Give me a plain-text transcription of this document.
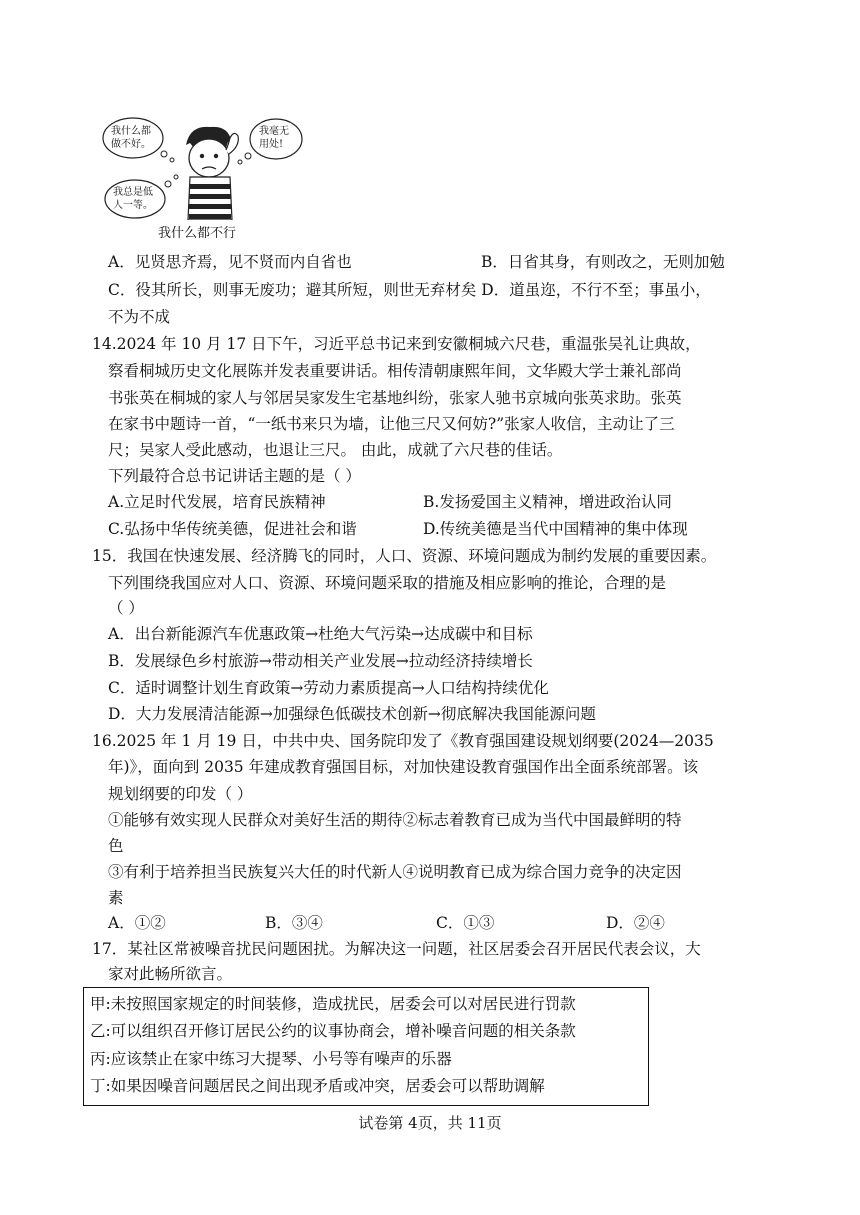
我什么都
做不好。
我毫无
用处!
我总是低
人一等。
我什么都不行
A．见贤思齐焉，见不贤而内自省也	B．日省其身，有则改之，无则加勉
C．役其所长，则事无废功；避其所短，则世无弃材矣 D．道虽迩，不行不至；事虽小，
不为不成
14.2024 年 10 月 17 日下午，习近平总书记来到安徽桐城六尺巷，重温张吴礼让典故，
察看桐城历史文化展陈并发表重要讲话。相传清朝康熙年间，文华殿大学士兼礼部尚
书张英在桐城的家人与邻居吴家发生宅基地纠纷，张家人驰书京城向张英求助。张英
在家书中题诗一首，“一纸书来只为墙，让他三尺又何妨?”张家人收信，主动让了三
尺；吴家人受此感动，也退让三尺。 由此，成就了六尺巷的佳话。
下列最符合总书记讲话主题的是（ ）
A.立足时代发展，培育民族精神	B.发扬爱国主义精神，增进政治认同
C.弘扬中华传统美德，促进社会和谐	D.传统美德是当代中国精神的集中体现
15．我国在快速发展、经济腾飞的同时，人口、资源、环境问题成为制约发展的重要因素。
下列围绕我国应对人口、资源、环境问题采取的措施及相应影响的推论，合理的是
（ ）
A．出台新能源汽车优惠政策→杜绝大气污染→达成碳中和目标
B．发展绿色乡村旅游→带动相关产业发展→拉动经济持续增长
C．适时调整计划生育政策→劳动力素质提高→人口结构持续优化
D．大力发展清洁能源→加强绿色低碳技术创新→彻底解决我国能源问题
16.2025 年 1 月 19 日，中共中央、国务院印发了《教育强国建设规划纲要(2024—2035
年)》，面向到 2035 年建成教育强国目标，对加快建设教育强国作出全面系统部署。该
规划纲要的印发（ ）
①能够有效实现人民群众对美好生活的期待②标志着教育已成为当代中国最鲜明的特
色
③有利于培养担当民族复兴大任的时代新人④说明教育已成为综合国力竞争的决定因
素
A．①②	B．③④	C．①③	D．②④
17．某社区常被噪音扰民问题困扰。为解决这一问题，社区居委会召开居民代表会议，大
家对此畅所欲言。
甲:未按照国家规定的时间装修，造成扰民，居委会可以对居民进行罚款
乙:可以组织召开修订居民公约的议事协商会，增补噪音问题的相关条款
丙:应该禁止在家中练习大提琴、小号等有噪声的乐器
丁:如果因噪音问题居民之间出现矛盾或冲突，居委会可以帮助调解
试卷第 4页，共 11页
